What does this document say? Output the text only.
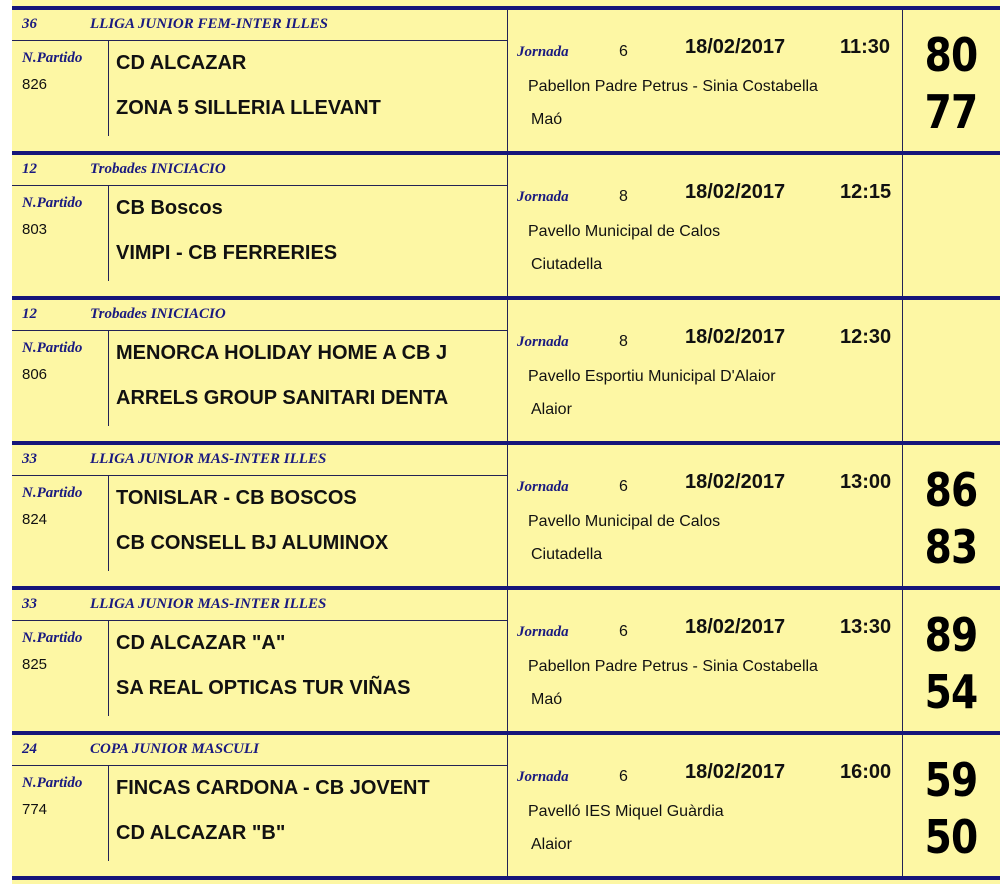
36	LLIGA JUNIOR FEM-INTER ILLES
N.Partido
826
CD ALCAZAR
ZONA 5 SILLERIA LLEVANT
Jornada	6	18/02/2017	11:30
Pabellon Padre Petrus - Sinia Costabella
Maó
80
77
12	Trobades INICIACIO
N.Partido
803
CB Boscos
VIMPI - CB FERRERIES
Jornada	8	18/02/2017	12:15
Pavello Municipal de Calos
Ciutadella
12	Trobades INICIACIO
N.Partido
806
MENORCA HOLIDAY HOME A CB J
ARRELS GROUP SANITARI DENTA
Jornada	8	18/02/2017	12:30
Pavello Esportiu Municipal D'Alaior
Alaior
33	LLIGA JUNIOR MAS-INTER ILLES
N.Partido
824
TONISLAR - CB BOSCOS
CB CONSELL BJ ALUMINOX
Jornada	6	18/02/2017	13:00
Pavello Municipal de Calos
Ciutadella
86
83
33	LLIGA JUNIOR MAS-INTER ILLES
N.Partido
825
CD ALCAZAR "A"
SA REAL OPTICAS TUR VIÑAS
Jornada	6	18/02/2017	13:30
Pabellon Padre Petrus - Sinia Costabella
Maó
89
54
24	COPA JUNIOR MASCULI
N.Partido
774
FINCAS CARDONA - CB JOVENT
CD ALCAZAR "B"
Jornada	6	18/02/2017	16:00
Pavelló IES Miquel Guàrdia
Alaior
59
50
